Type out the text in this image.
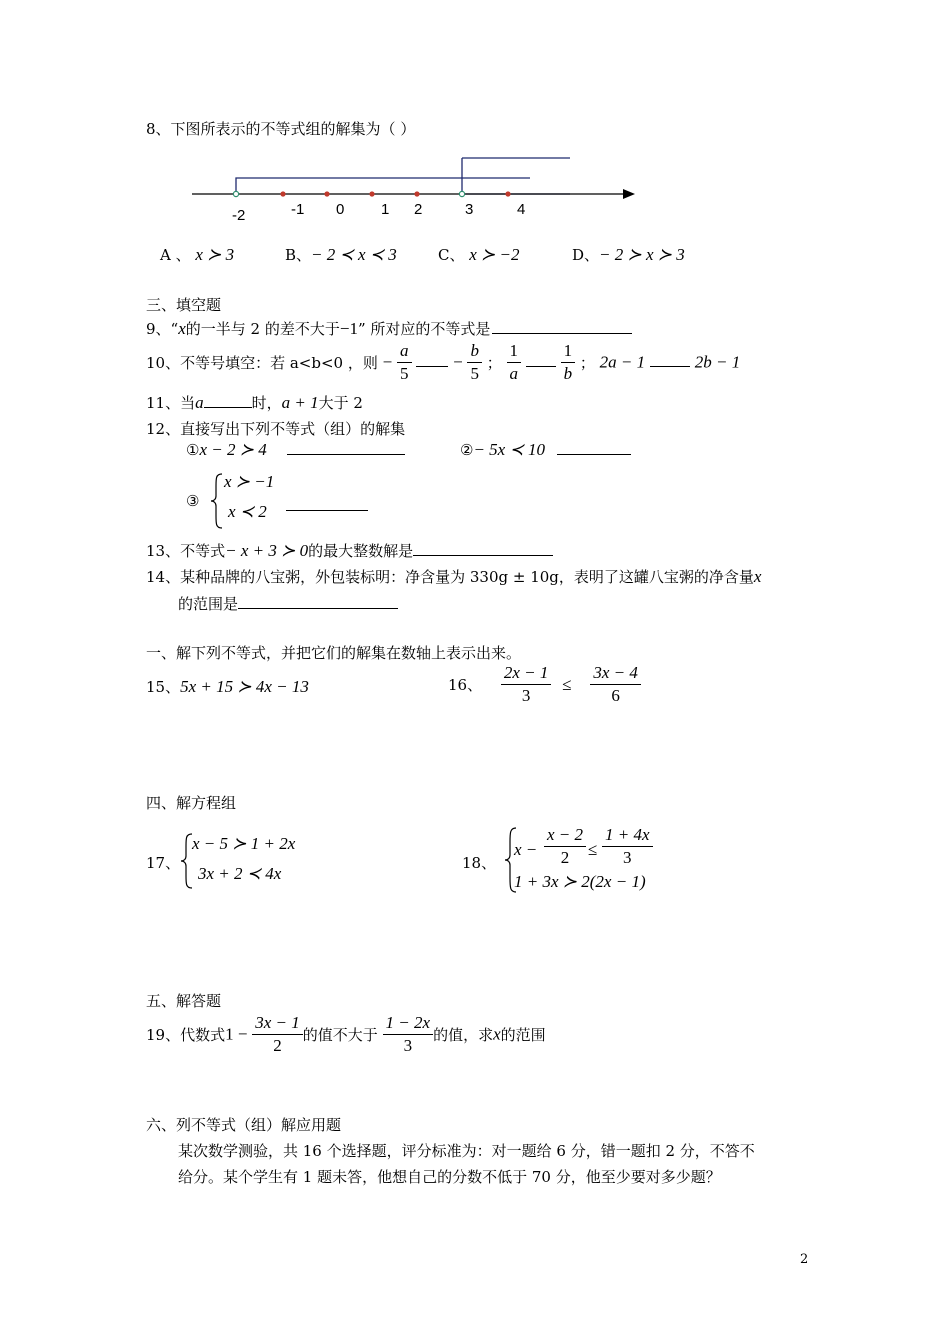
8、下图所表示的不等式组的解集为（ ）
-2	-1 0 1 2	3	4
A 、 x ≻ 3	B、− 2 ≺ x ≺ 3	C、 x ≻ −2	D、− 2 ≻ x ≻ 3
三、填空题
9、“x的一半与 2 的差不大于−1” 所对应的不等式是
10、不等号填空：若 a<b<0 ，则 − $\frac{a}{5} - \frac{b}{5}$ ； $\frac{1}{a}$
$\frac{1}{b}$ ； 2a − 1	2b − 1
11、当a	时，a + 1大于 2
12、直接写出下列不等式（组）的解集
①x − 2 ≻ 4	②− 5x ≺ 10
③
x ≻ −1
x ≺ 2
13、不等式− x + 3 ≻ 0的最大整数解是
14、某种品牌的八宝粥，外包装标明：净含量为 330g ± 10g，表明了这罐八宝粥的净含量x
的范围是
一、解下列不等式，并把它们的解集在数轴上表示出来。
15、5x + 15 ≻ 4x − 13	16、 $\frac{2x - 1}{3} \le \frac{3x - 4}{6}$
四、解方程组
17、
x − 5 ≻ 1 + 2x
3x + 2 ≺ 4x
18、
$x - \frac{x - 2}{2} \le \frac{1 + 4x}{3}$
1 + 3x ≻ 2(2x − 1)
五、解答题
19、代数式$1 - \frac{3x - 1}{2}$ 的值不大于 $\frac{1 - 2x}{3}$ 的值，求x的范围
六、列不等式（组）解应用题
某次数学测验，共 16 个选择题，评分标准为：对一题给 6 分，错一题扣 2 分，不答不
给分。某个学生有 1 题未答，他想自己的分数不低于 70 分，他至少要对多少题？
2
